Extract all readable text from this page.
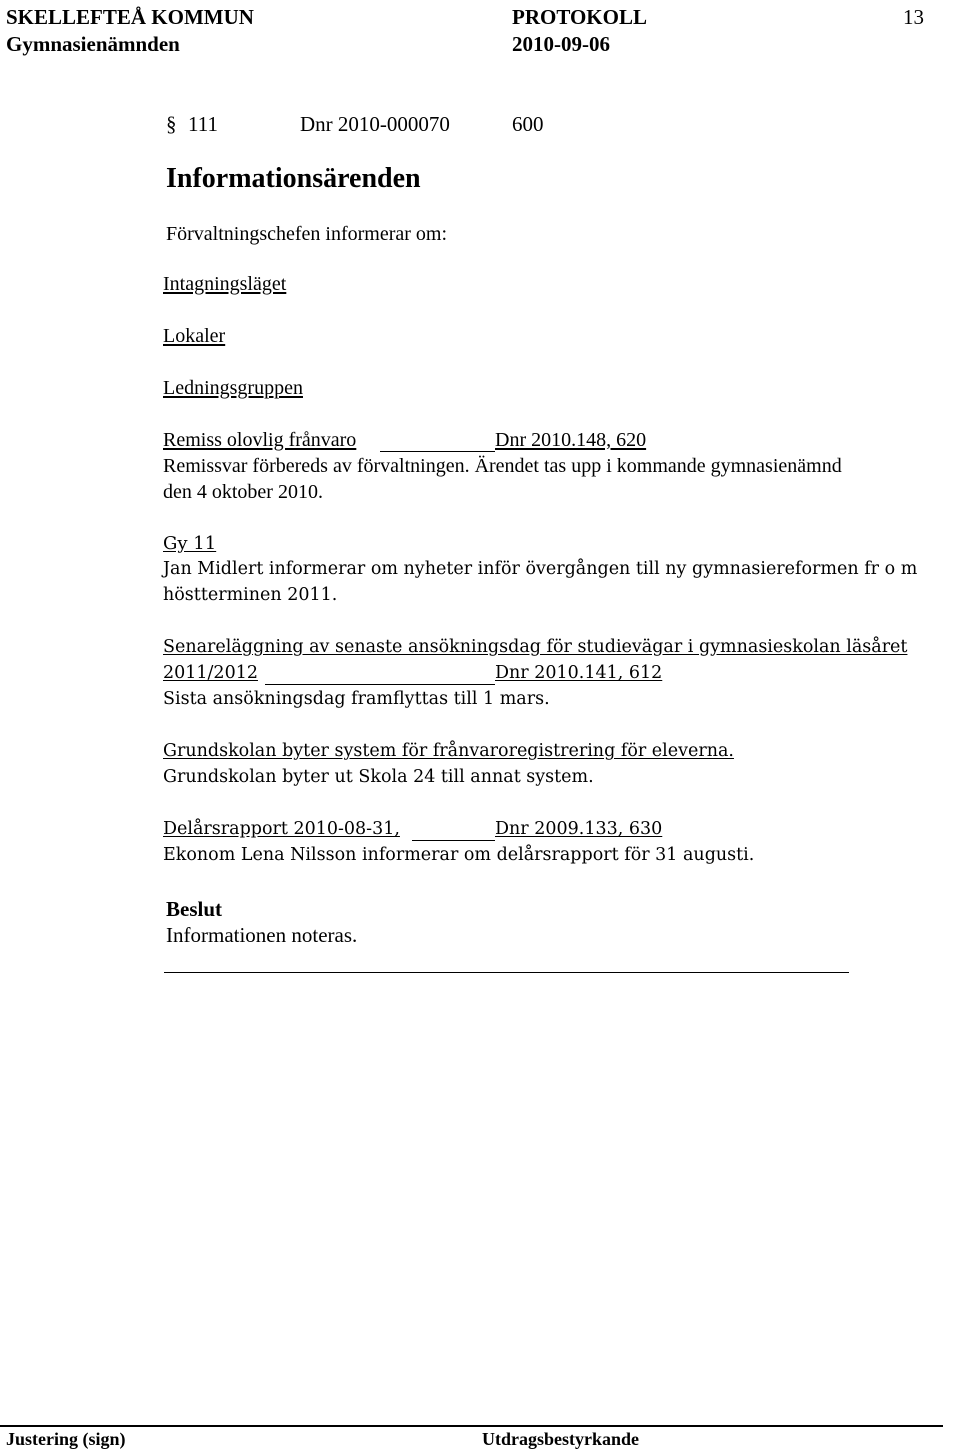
SKELLEFTEÅ KOMMUN	PROTOKOLL	13
Gymnasienämnden	2010-09-06
§ 111	Dnr 2010-000070	600
Informationsärenden
Förvaltningschefen informerar om:
Intagningsläget
Lokaler
Ledningsgruppen
Remiss olovlig frånvaro	Dnr 2010.148, 620
Remissvar förbereds av förvaltningen. Ärendet tas upp i kommande gymnasienämnd
den 4 oktober 2010.
Gy 11
Jan Midlert informerar om nyheter inför övergången till ny gymnasiereformen fr o m
höstterminen 2011.
Senareläggning av senaste ansökningsdag för studievägar i gymnasieskolan läsåret
2011/2012	Dnr 2010.141, 612
Sista ansökningsdag framflyttas till 1 mars.
Grundskolan byter system för frånvaroregistrering för eleverna.
Grundskolan byter ut Skola 24 till annat system.
Delårsrapport 2010-08-31,	Dnr 2009.133, 630
Ekonom Lena Nilsson informerar om delårsrapport för 31 augusti.
Beslut
Informationen noteras.
Justering (sign)	Utdragsbestyrkande
